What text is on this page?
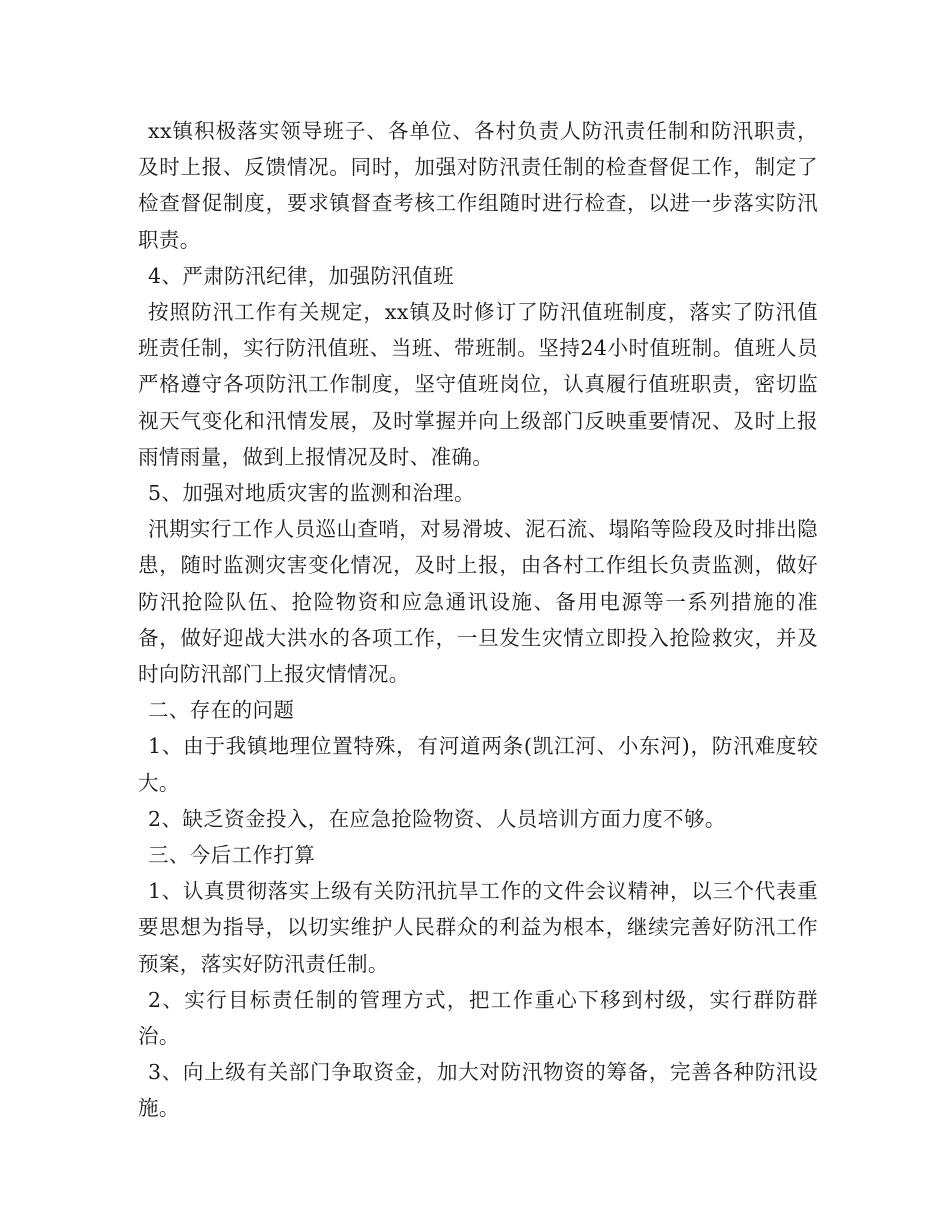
xx镇积极落实领导班子、各单位、各村负责人防汛责任制和防汛职责，及时上报、反馈情况。同时，加强对防汛责任制的检查督促工作，制定了检查督促制度，要求镇督查考核工作组随时进行检查，以进一步落实防汛职责。

4、严肃防汛纪律，加强防汛值班

按照防汛工作有关规定，xx镇及时修订了防汛值班制度，落实了防汛值班责任制，实行防汛值班、当班、带班制。坚持24小时值班制。值班人员严格遵守各项防汛工作制度，坚守值班岗位，认真履行值班职责，密切监视天气变化和汛情发展，及时掌握并向上级部门反映重要情况、及时上报雨情雨量，做到上报情况及时、准确。

5、加强对地质灾害的监测和治理。

汛期实行工作人员巡山查哨，对易滑坡、泥石流、塌陷等险段及时排出隐患，随时监测灾害变化情况，及时上报，由各村工作组长负责监测，做好防汛抢险队伍、抢险物资和应急通讯设施、备用电源等一系列措施的准备，做好迎战大洪水的各项工作，一旦发生灾情立即投入抢险救灾，并及时向防汛部门上报灾情情况。

二、存在的问题

1、由于我镇地理位置特殊，有河道两条(凯江河、小东河)，防汛难度较大。

2、缺乏资金投入，在应急抢险物资、人员培训方面力度不够。

三、今后工作打算

1、认真贯彻落实上级有关防汛抗旱工作的文件会议精神，以三个代表重要思想为指导，以切实维护人民群众的利益为根本，继续完善好防汛工作预案，落实好防汛责任制。

2、实行目标责任制的管理方式，把工作重心下移到村级，实行群防群治。

3、向上级有关部门争取资金，加大对防汛物资的筹备，完善各种防汛设施。
